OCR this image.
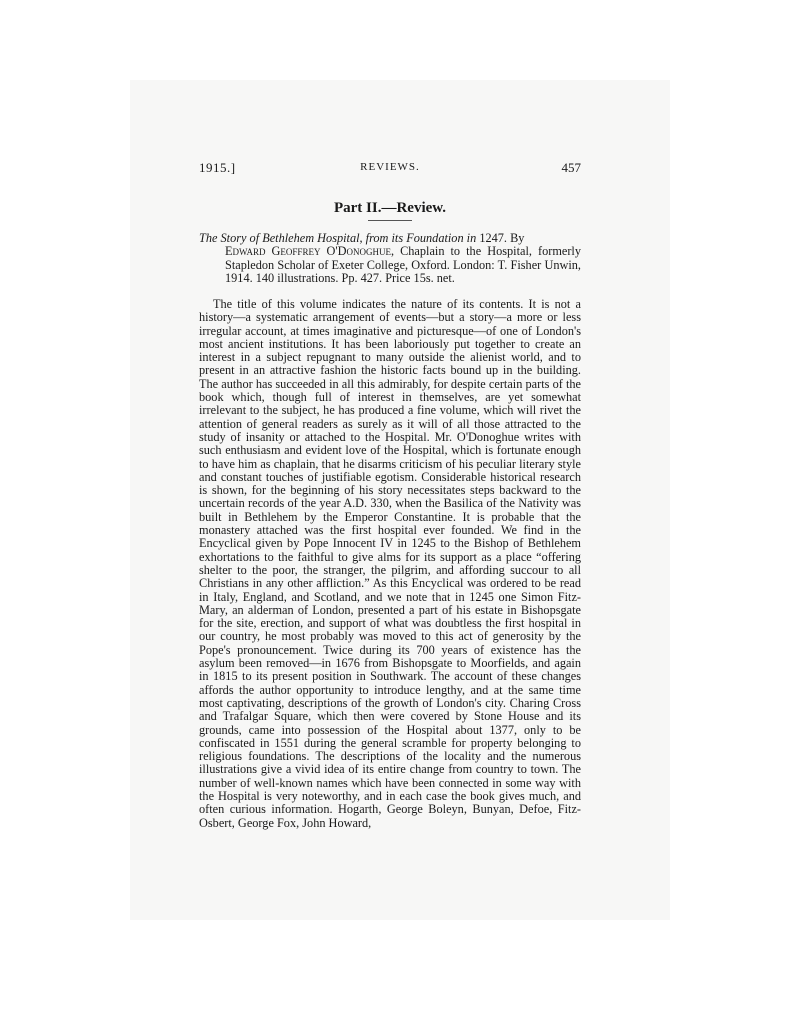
1915.]	REVIEWS.	457
Part II.—Review.
The Story of Bethlehem Hospital, from its Foundation in 1247. By
Edward Geoffrey O'Donoghue, Chaplain to the Hospital, formerly Stapledon Scholar of Exeter College, Oxford. London: T. Fisher Unwin, 1914. 140 illustrations. Pp. 427. Price 15s. net.
The title of this volume indicates the nature of its contents. It is not a history—a systematic arrangement of events—but a story—a more or less irregular account, at times imaginative and picturesque—of one of London's most ancient institutions. It has been laboriously put together to create an interest in a subject repugnant to many outside the alienist world, and to present in an attractive fashion the historic facts bound up in the building. The author has succeeded in all this admirably, for despite certain parts of the book which, though full of interest in themselves, are yet somewhat irrelevant to the subject, he has produced a fine volume, which will rivet the attention of general readers as surely as it will of all those attracted to the study of insanity or attached to the Hospital. Mr. O'Donoghue writes with such enthusiasm and evident love of the Hospital, which is fortunate enough to have him as chaplain, that he disarms criticism of his peculiar literary style and constant touches of justifiable egotism. Considerable historical research is shown, for the beginning of his story necessitates steps backward to the uncertain records of the year A.D. 330, when the Basilica of the Nativity was built in Bethlehem by the Emperor Constantine. It is probable that the monastery attached was the first hospital ever founded. We find in the Encyclical given by Pope Innocent IV in 1245 to the Bishop of Bethlehem exhortations to the faithful to give alms for its support as a place “offering shelter to the poor, the stranger, the pilgrim, and affording succour to all Christians in any other affliction.” As this Encyclical was ordered to be read in Italy, England, and Scotland, and we note that in 1245 one Simon Fitz-Mary, an alderman of London, presented a part of his estate in Bishopsgate for the site, erection, and support of what was doubtless the first hospital in our country, he most probably was moved to this act of generosity by the Pope's pronouncement. Twice during its 700 years of existence has the asylum been removed—in 1676 from Bishopsgate to Moorfields, and again in 1815 to its present position in Southwark. The account of these changes affords the author opportunity to introduce lengthy, and at the same time most captivating, descriptions of the growth of London's city. Charing Cross and Trafalgar Square, which then were covered by Stone House and its grounds, came into possession of the Hospital about 1377, only to be confiscated in 1551 during the general scramble for property belonging to religious foundations. The descriptions of the locality and the numerous illustrations give a vivid idea of its entire change from country to town. The number of well-known names which have been connected in some way with the Hospital is very noteworthy, and in each case the book gives much, and often curious information. Hogarth, George Boleyn, Bunyan, Defoe, Fitz-Osbert, George Fox, John Howard,
